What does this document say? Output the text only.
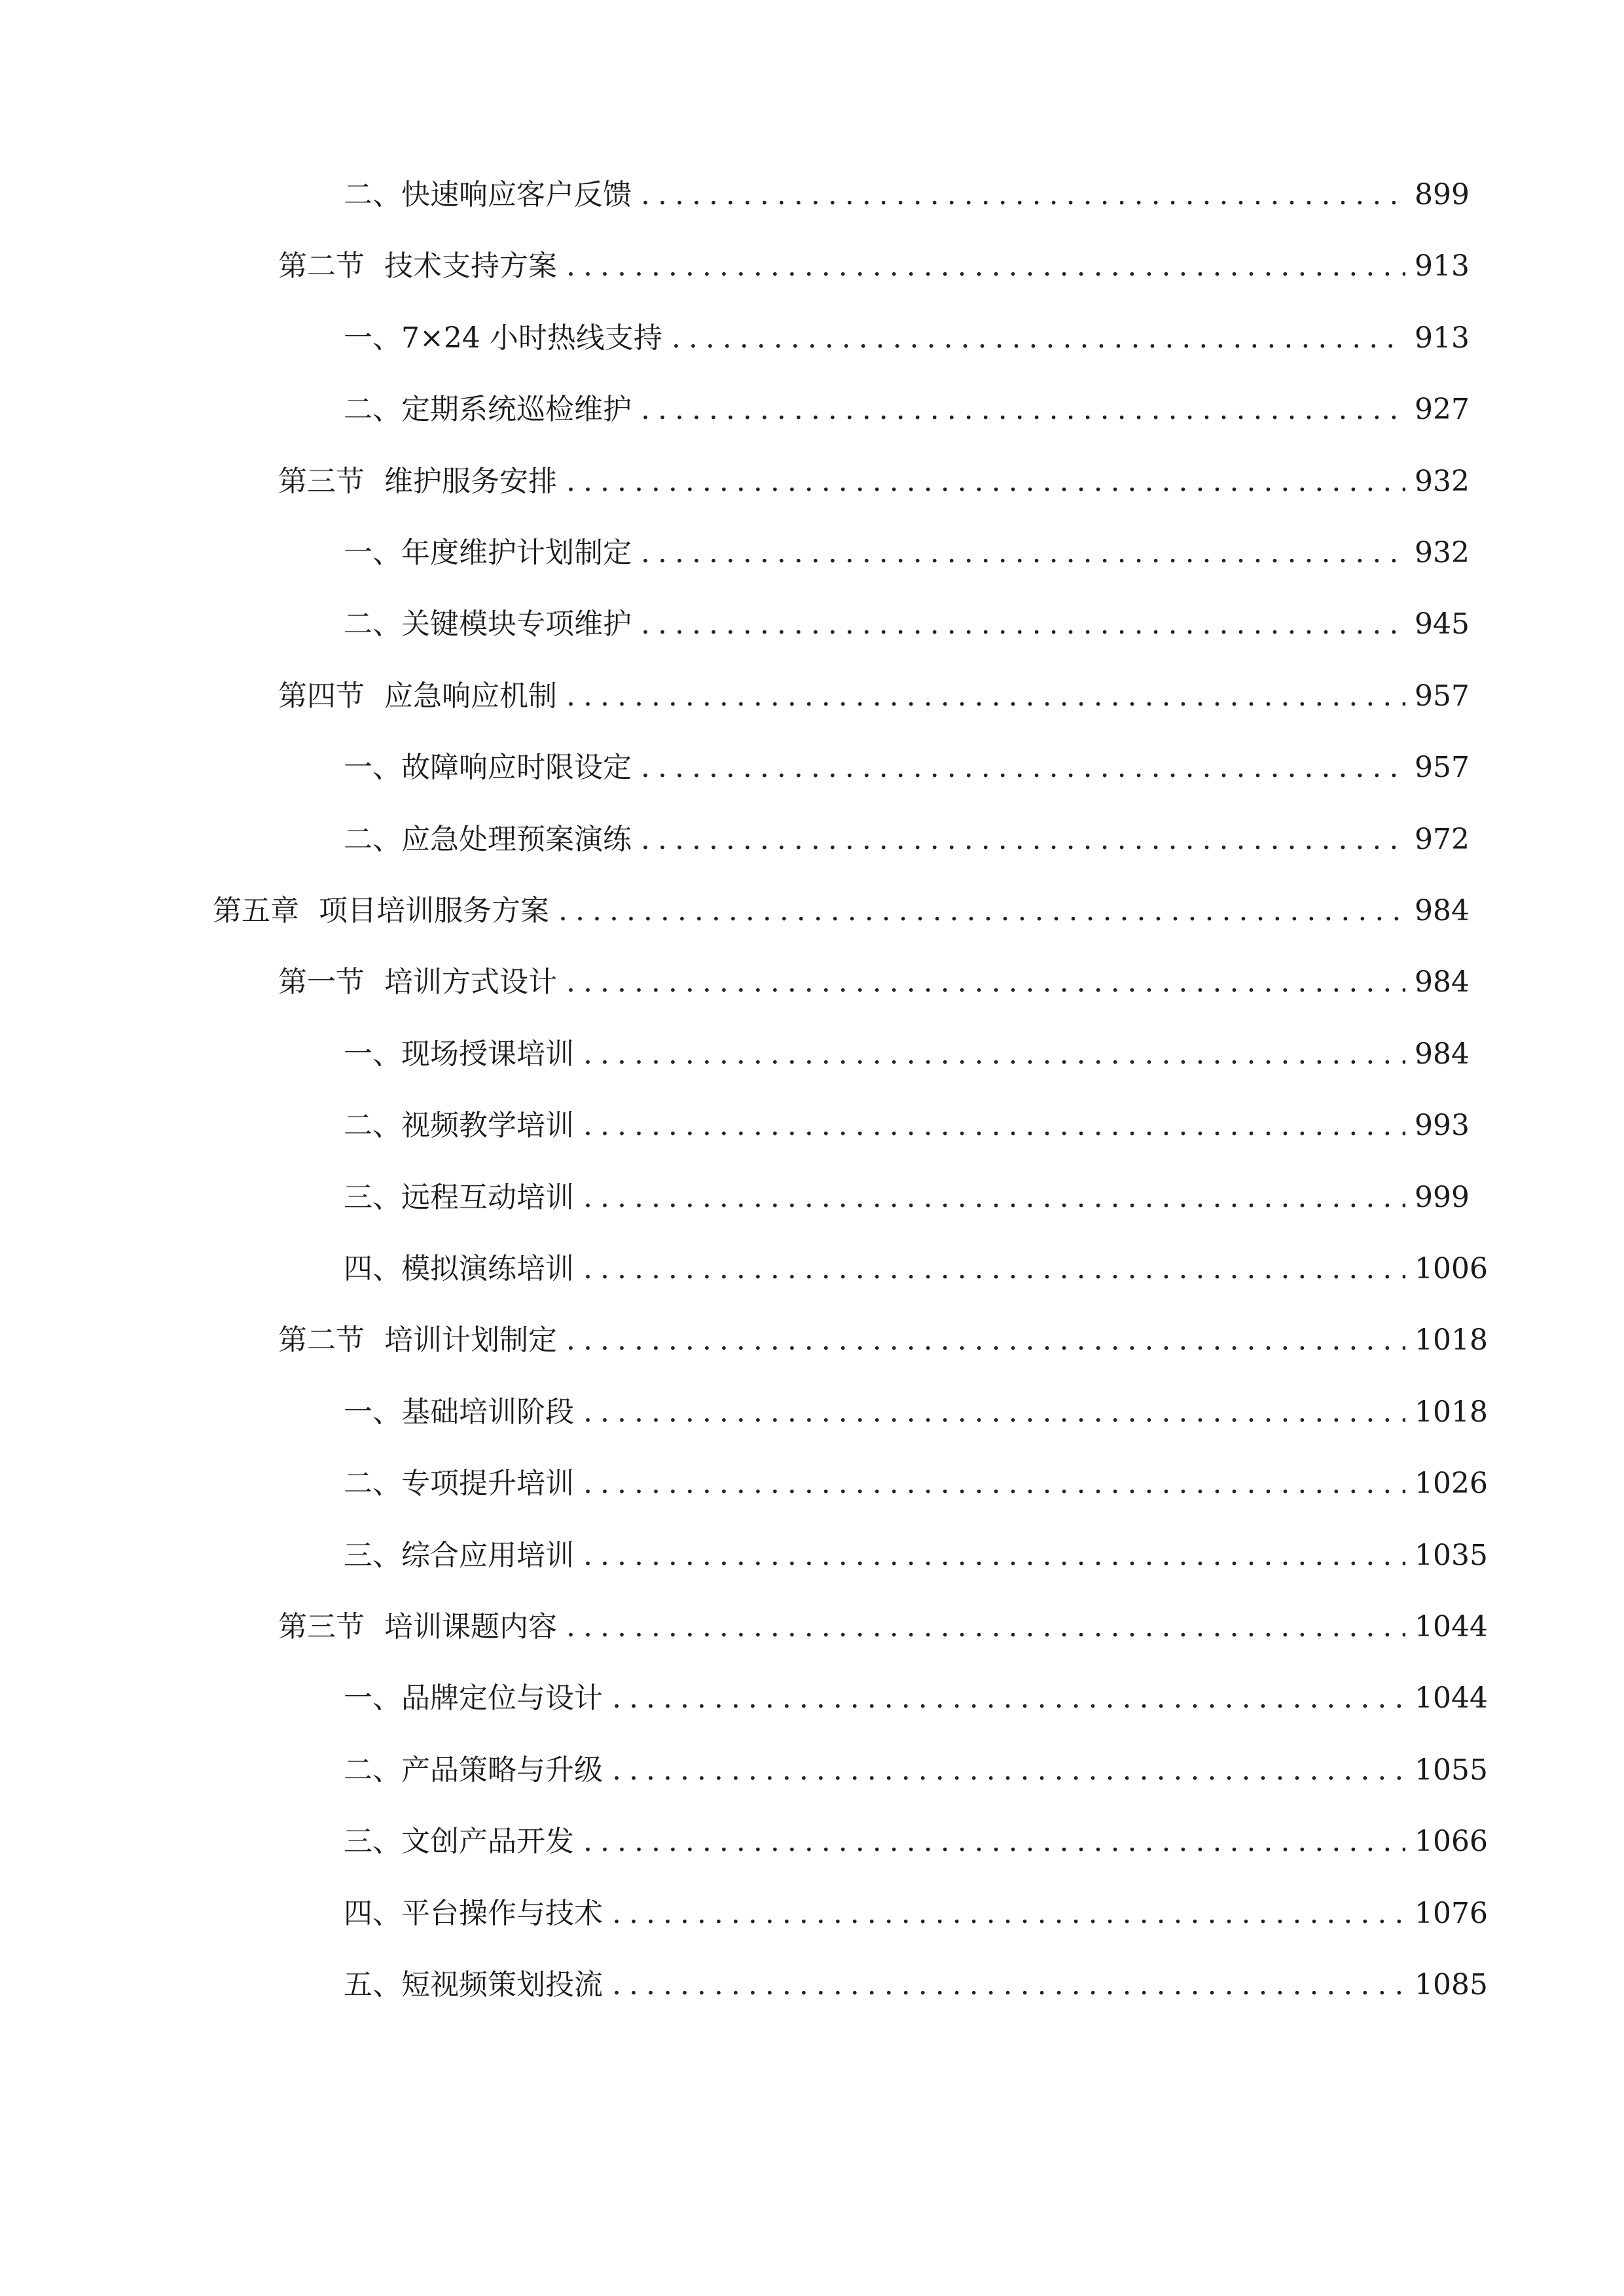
二、 快速响应客户反馈 .....	899
第二节 技术支持方案 .....	913
一、 7×24 小时热线支持 .....	913
二、 定期系统巡检维护 .....	927
第三节 维护服务安排 .....	932
一、 年度维护计划制定 .....	932
二、 关键模块专项维护 .....	945
第四节 应急响应机制 .....	957
一、 故障响应时限设定 .....	957
二、 应急处理预案演练 .....	972
第五章 项目培训服务方案 .....	984
第一节 培训方式设计 .....	984
一、 现场授课培训 .....	984
二、 视频教学培训 .....	993
三、 远程互动培训 .....	999
四、 模拟演练培训 .....	1006
第二节 培训计划制定 .....	1018
一、 基础培训阶段 .....	1018
二、 专项提升培训 .....	1026
三、 综合应用培训 .....	1035
第三节 培训课题内容 .....	1044
一、 品牌定位与设计 .....	1044
二、 产品策略与升级 .....	1055
三、 文创产品开发 .....	1066
四、 平台操作与技术 .....	1076
五、 短视频策划投流 .....	1085
